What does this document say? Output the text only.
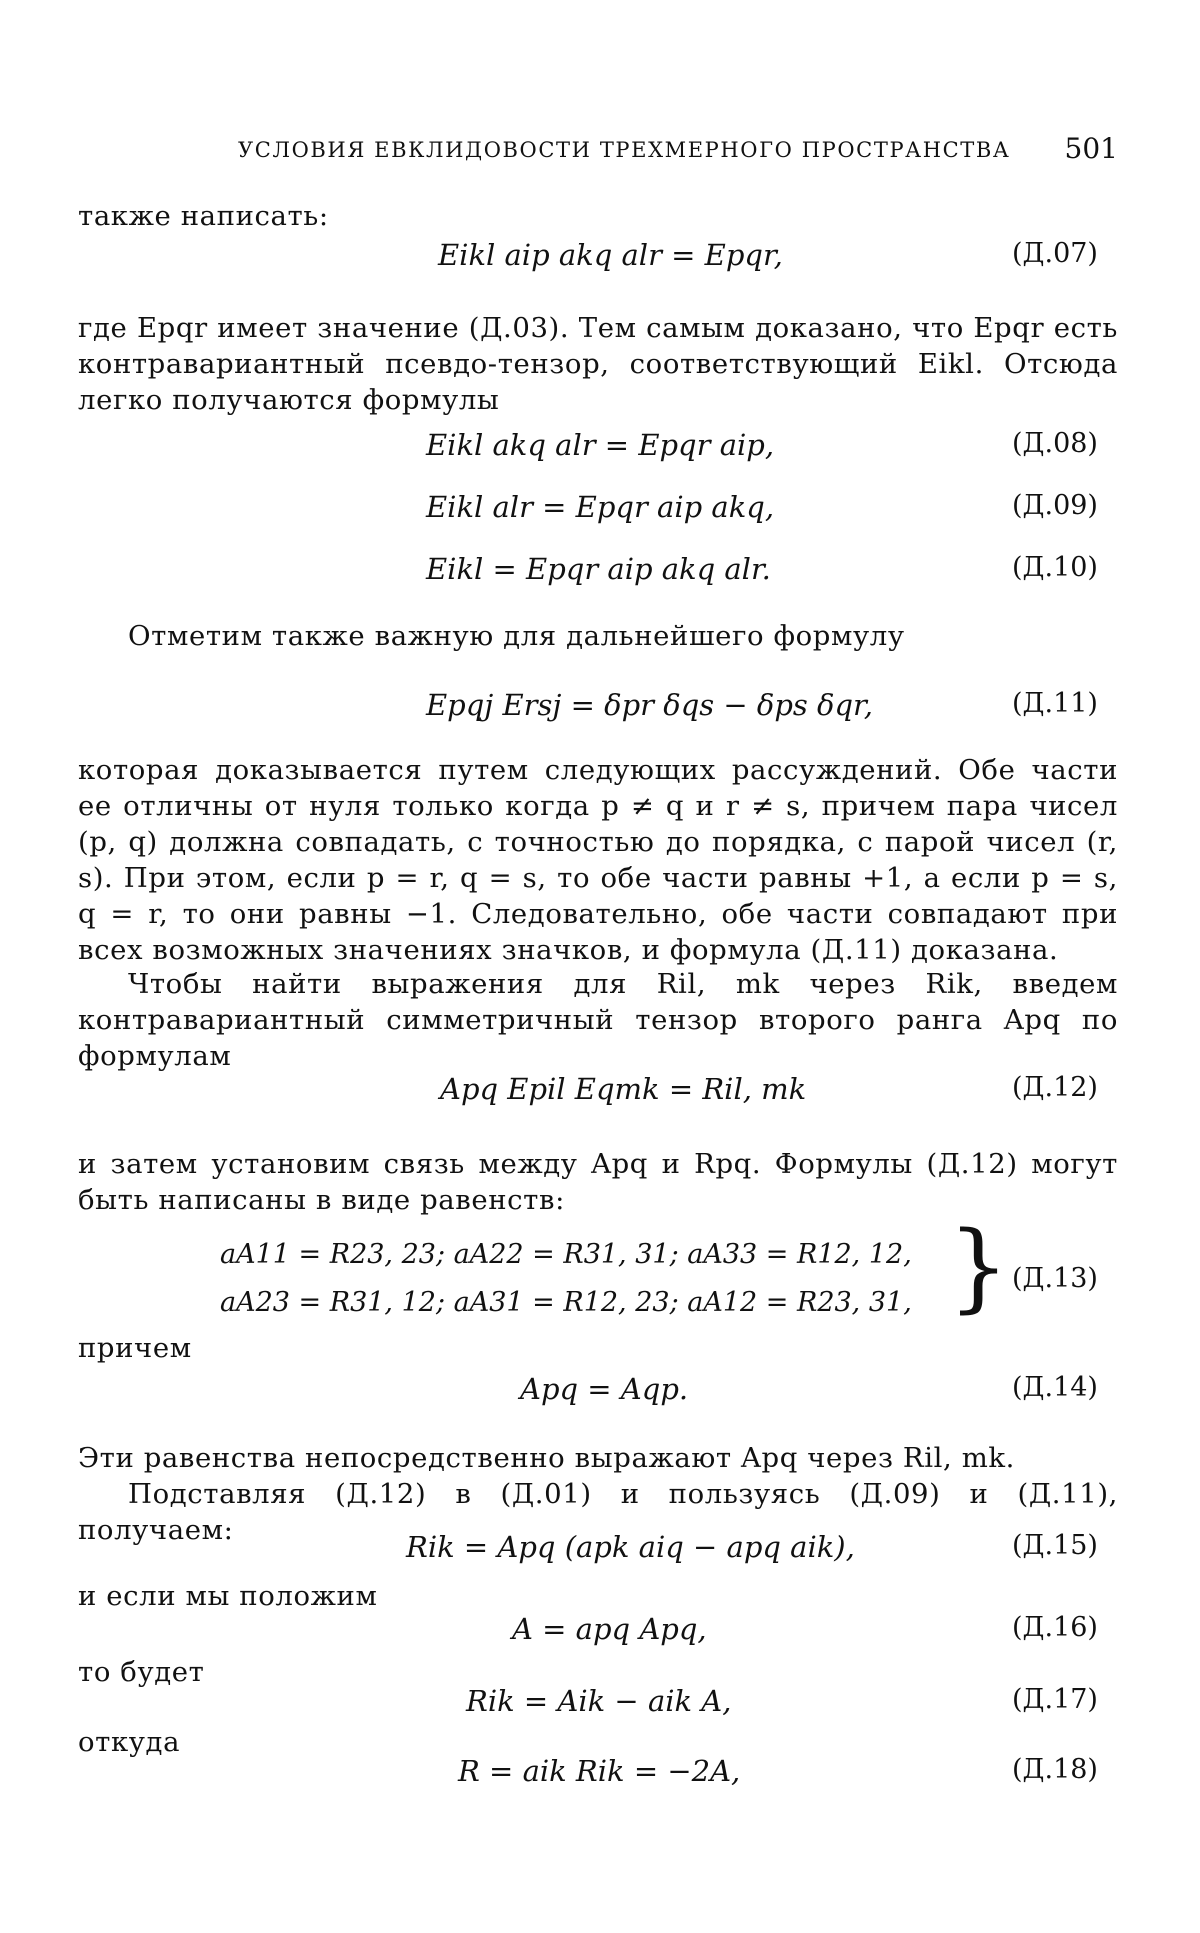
УСЛОВИЯ ЕВКЛИДОВОСТИ ТРЕХМЕРНОГО ПРОСТРАНСТВА 501
также написать:
Eikl aip akq alr = Epqr,	(Д.07)

где Epqr имеет значение (Д.03). Тем самым доказано, что Epqr есть контравариантный псевдо-тензор, соответствующий Eikl. Отсюда легко получаются формулы

Eikl akq alr = Epqr aip,	(Д.08)
Eikl alr = Epqr aip akq,	(Д.09)
Eikl = Epqr aip akq alr.	(Д.10)

Отметим также важную для дальнейшего формулу

Epqj Ersj = δpr δqs − δps δqr,	(Д.11)

которая доказывается путем следующих рассуждений. Обе части ее отличны от нуля только когда p ≠ q и r ≠ s, причем пара чисел (p, q) должна совпадать, с точностью до порядка, с парой чисел (r, s). При этом, если p = r, q = s, то обе части равны +1, а если p = s, q = r, то они равны −1. Следовательно, обе части совпадают при всех возможных значениях значков, и формула (Д.11) доказана.

Чтобы найти выражения для Ril, mk через Rik, введем контравариантный симметричный тензор второго ранга Apq по формулам

Apq Epil Eqmk = Ril, mk	(Д.12)

и затем установим связь между Apq и Rpq. Формулы (Д.12) могут быть написаны в виде равенств:

aA11 = R23, 23; aA22 = R31, 31; aA33 = R12, 12,
aA23 = R31, 12; aA31 = R12, 23; aA12 = R23, 31, } (Д.13)
причем
Apq = Aqp.	(Д.14)

Эти равенства непосредственно выражают Apq через Ril, mk.

Подставляя (Д.12) в (Д.01) и пользуясь (Д.09) и (Д.11), получаем:	Rik = Apq (apk aiq − apq aik),	(Д.15)
и если мы положим
A = apq Apq,	(Д.16)
то будет
Rik = Aik − aik A,	(Д.17)
откуда
R = aik Rik = −2A,	(Д.18)
